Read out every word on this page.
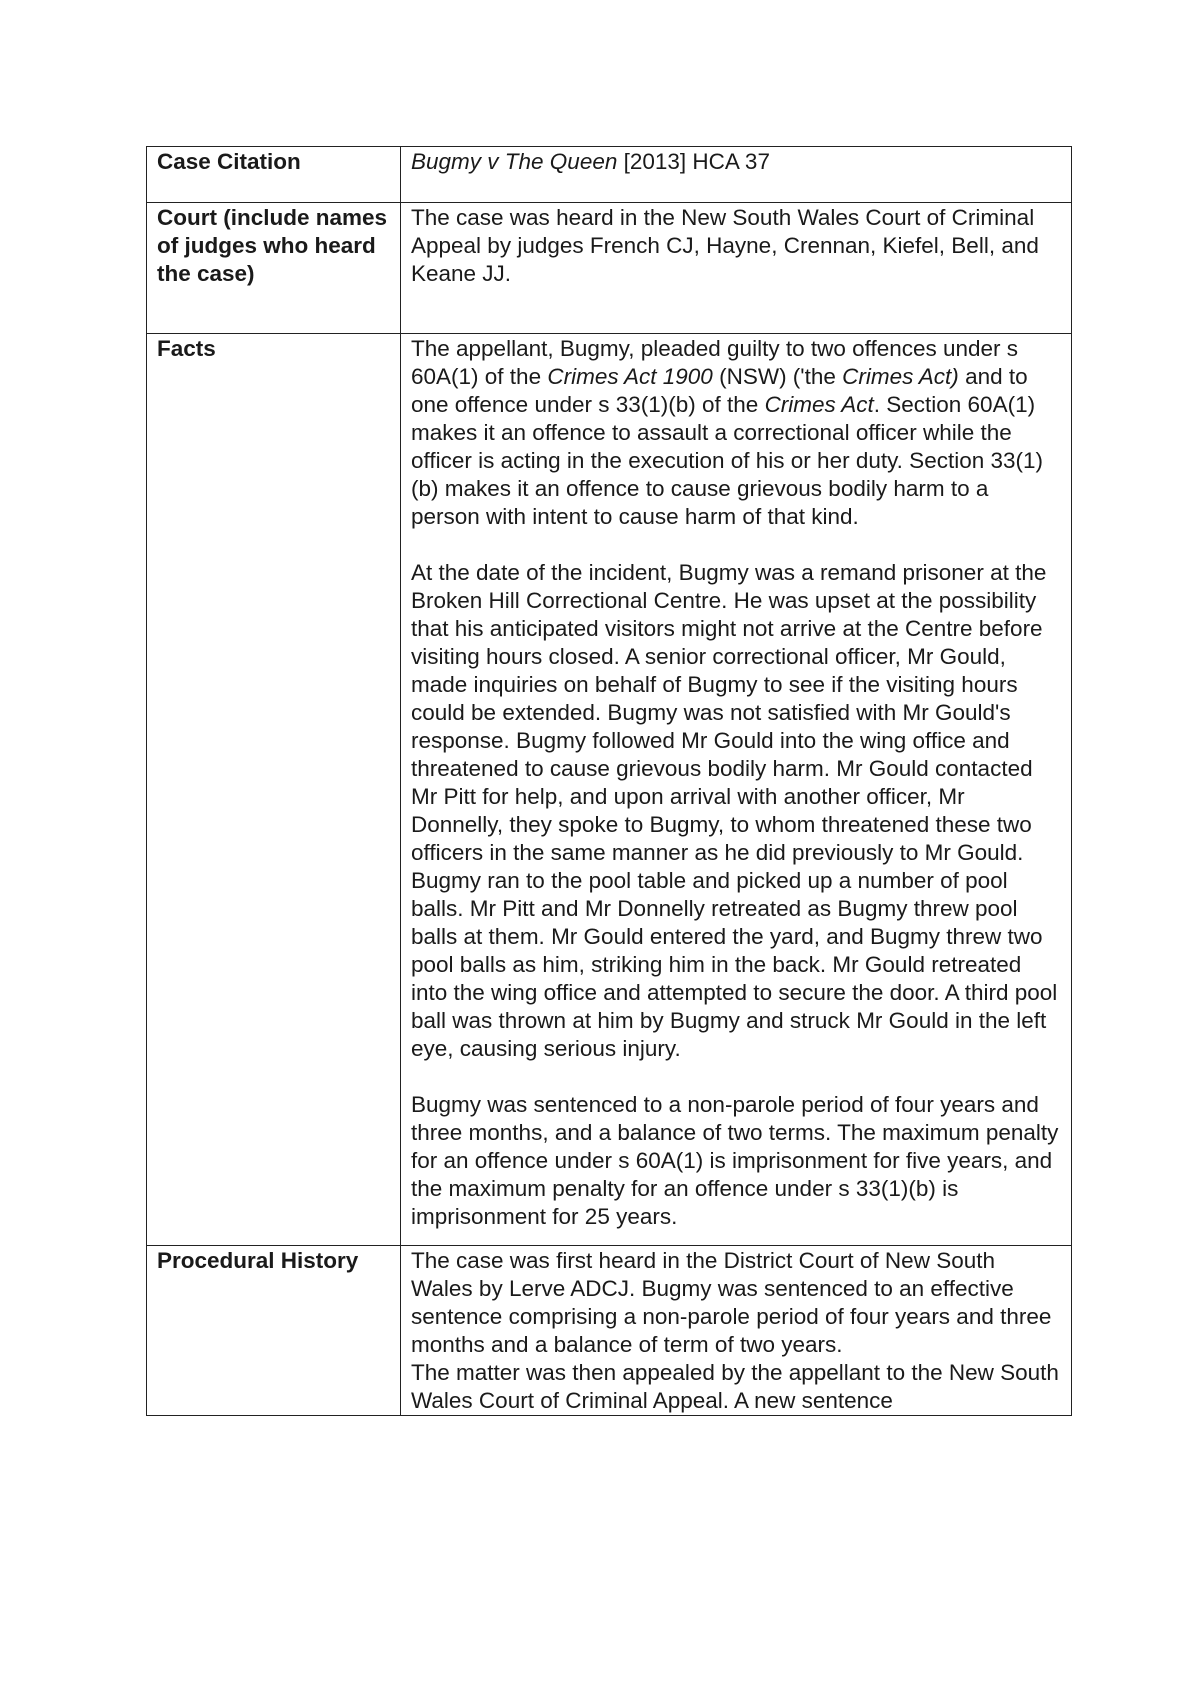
Case Citation	Bugmy v The Queen [2013] HCA 37

Court (include names of judges who heard the case)	The case was heard in the New South Wales Court of Criminal Appeal by judges French CJ, Hayne, Crennan, Kiefel, Bell, and Keane JJ.
Facts	The appellant, Bugmy, pleaded guilty to two offences under s 60A(1) of the Crimes Act 1900 (NSW) ('the Crimes Act) and to one offence under s 33(1)(b) of the Crimes Act. Section 60A(1) makes it an offence to assault a correctional officer while the officer is acting in the execution of his or her duty. Section 33(1)(b) makes it an offence to cause grievous bodily harm to a person with intent to cause harm of that kind.

At the date of the incident, Bugmy was a remand prisoner at the Broken Hill Correctional Centre. He was upset at the possibility that his anticipated visitors might not arrive at the Centre before visiting hours closed. A senior correctional officer, Mr Gould, made inquiries on behalf of Bugmy to see if the visiting hours could be extended. Bugmy was not satisfied with Mr Gould's response. Bugmy followed Mr Gould into the wing office and threatened to cause grievous bodily harm. Mr Gould contacted Mr Pitt for help, and upon arrival with another officer, Mr Donnelly, they spoke to Bugmy, to whom threatened these two officers in the same manner as he did previously to Mr Gould. Bugmy ran to the pool table and picked up a number of pool balls. Mr Pitt and Mr Donnelly retreated as Bugmy threw pool balls at them. Mr Gould entered the yard, and Bugmy threw two pool balls as him, striking him in the back. Mr Gould retreated into the wing office and attempted to secure the door. A third pool ball was thrown at him by Bugmy and struck Mr Gould in the left eye, causing serious injury.

Bugmy was sentenced to a non-parole period of four years and three months, and a balance of two terms. The maximum penalty for an offence under s 60A(1) is imprisonment for five years, and the maximum penalty for an offence under s 33(1)(b) is imprisonment for 25 years.

Procedural History	The case was first heard in the District Court of New South Wales by Lerve ADCJ. Bugmy was sentenced to an effective sentence comprising a non-parole period of four years and three months and a balance of term of two years.

The matter was then appealed by the appellant to the New South Wales Court of Criminal Appeal. A new sentence
